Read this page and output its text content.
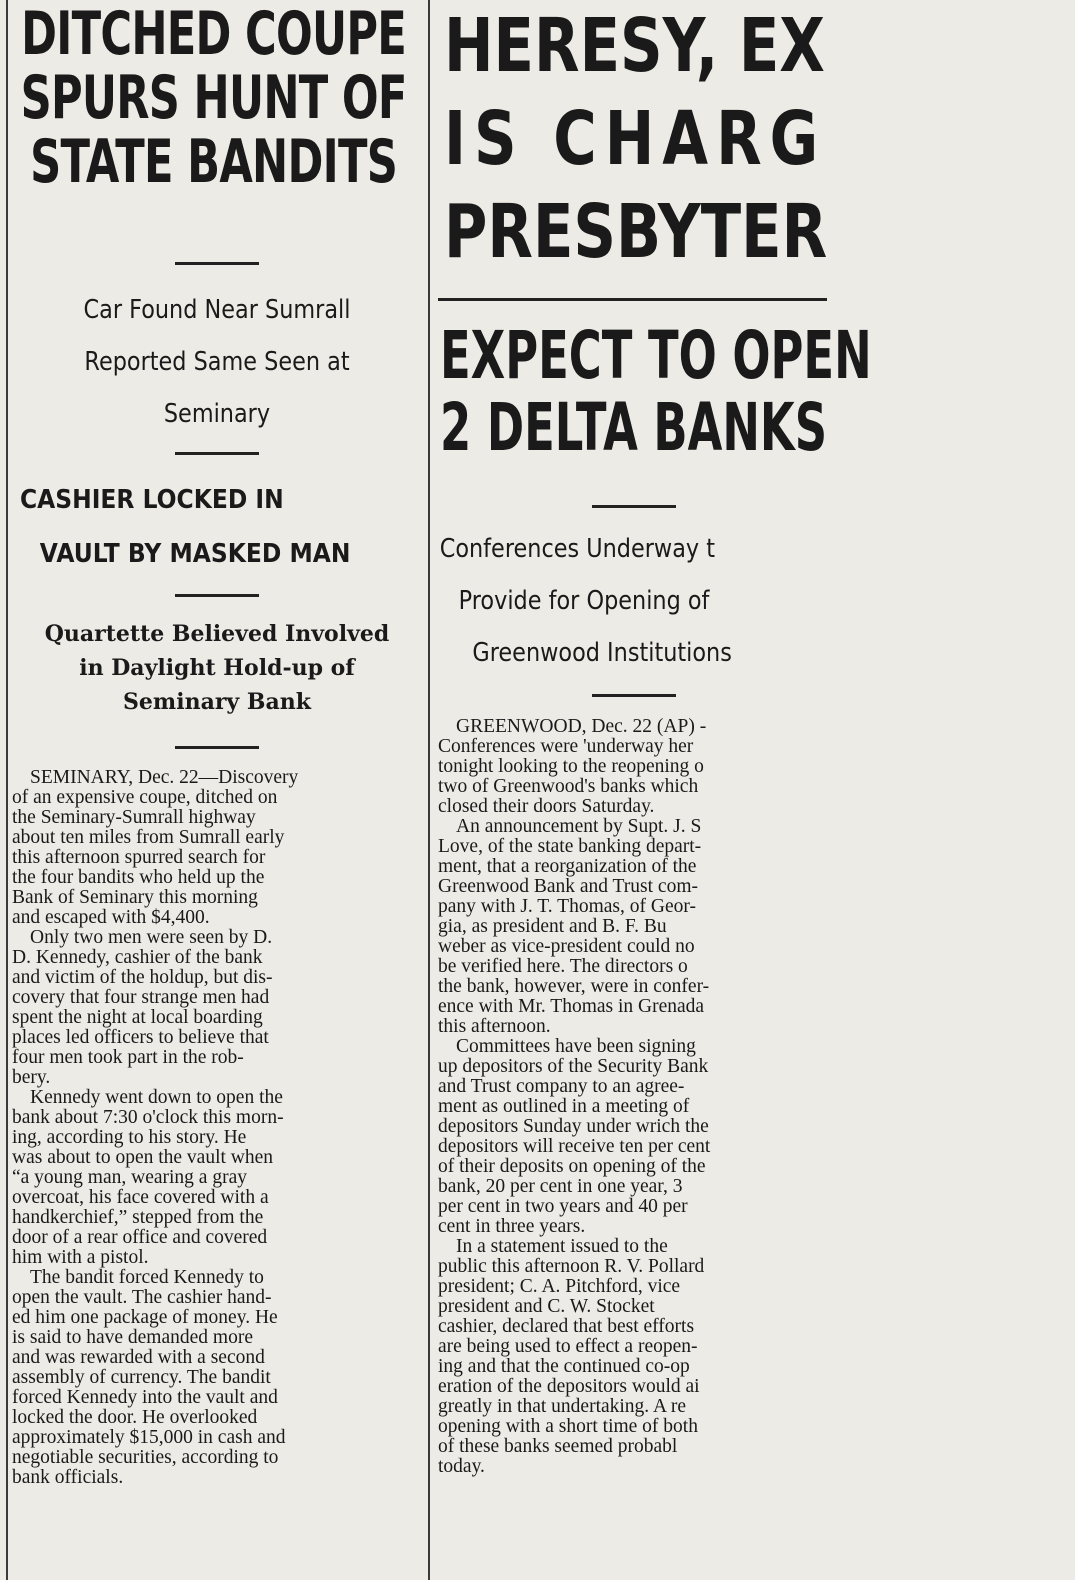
DITCHED COUPE
SPURS HUNT OF
STATE BANDITS
Car Found Near Sumrall
Reported Same Seen at
Seminary
CASHIER LOCKED IN
VAULT BY MASKED MAN
Quartette Believed Involved
in Daylight Hold-up of
Seminary Bank

SEMINARY, Dec. 22—Discovery
of an expensive coupe, ditched on
the Seminary-Sumrall highway
about ten miles from Sumrall early
this afternoon spurred search for
the four bandits who held up the
Bank of Seminary this morning
and escaped with $4,400.

Only two men were seen by D.
D. Kennedy, cashier of the bank
and victim of the holdup, but dis-
covery that four strange men had
spent the night at local boarding
places led officers to believe that
four men took part in the rob-
bery.

Kennedy went down to open the
bank about 7:30 o'clock this morn-
ing, according to his story. He
was about to open the vault when
“a young man, wearing a gray
overcoat, his face covered with a
handkerchief,” stepped from the
door of a rear office and covered
him with a pistol.

The bandit forced Kennedy to
open the vault. The cashier hand-
ed him one package of money. He
is said to have demanded more
and was rewarded with a second
assembly of currency. The bandit
forced Kennedy into the vault and
locked the door. He overlooked
approximately $15,000 in cash and
negotiable securities, according to
bank officials.

HERESY, EX
IS CHARG
PRESBYTER
EXPECT TO OPEN
2 DELTA BANKS
Conferences Underway t
Provide for Opening of
Greenwood Institutions

GREENWOOD, Dec. 22 (AP) -
Conferences were 'underway her
tonight looking to the reopening o
two of Greenwood's banks which
closed their doors Saturday.

An announcement by Supt. J. S
Love, of the state banking depart-
ment, that a reorganization of the
Greenwood Bank and Trust com-
pany with J. T. Thomas, of Geor-
gia, as president and B. F. Bu
weber as vice-president could no
be verified here. The directors o
the bank, however, were in confer-
ence with Mr. Thomas in Grenada
this afternoon.

Committees have been signing
up depositors of the Security Bank
and Trust company to an agree-
ment as outlined in a meeting of
depositors Sunday under wrich the
depositors will receive ten per cent
of their deposits on opening of the
bank, 20 per cent in one year, 3
per cent in two years and 40 per
cent in three years.

In a statement issued to the
public this afternoon R. V. Pollard
president; C. A. Pitchford, vice
president and C. W. Stocket
cashier, declared that best efforts
are being used to effect a reopen-
ing and that the continued co-op
eration of the depositors would ai
greatly in that undertaking. A re
opening with a short time of both
of these banks seemed probabl
today.
